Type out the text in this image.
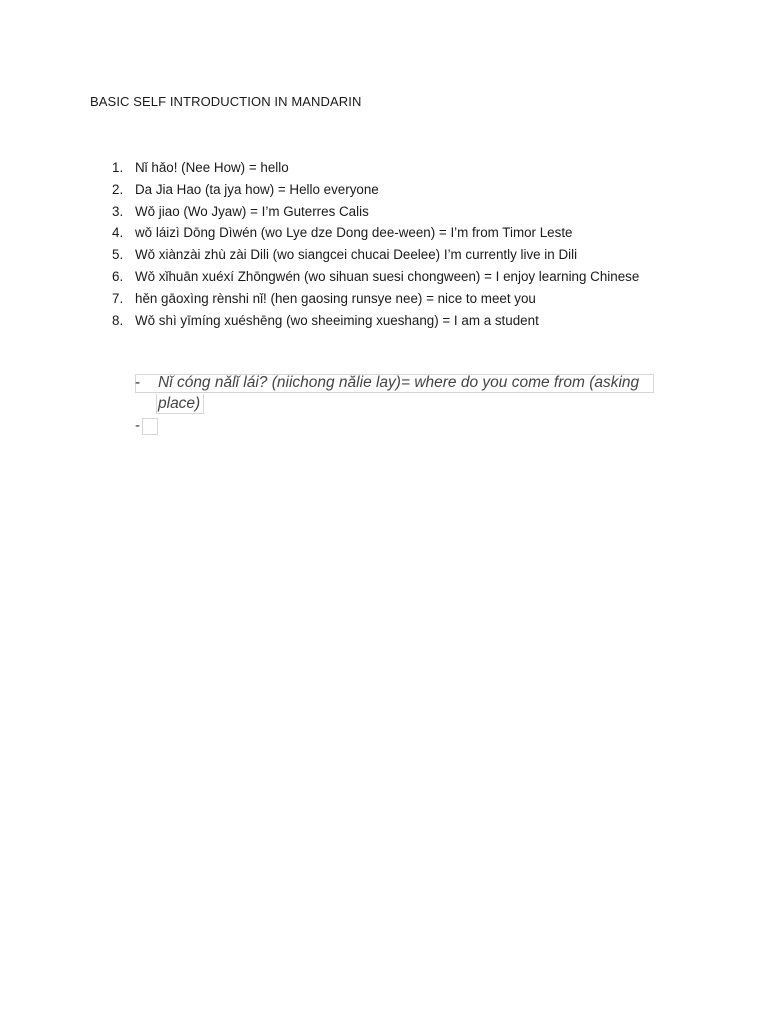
BASIC SELF INTRODUCTION IN MANDARIN
1. Nǐ hǎo! (Nee How) = hello
2. Da Jia Hao (ta jya how) = Hello everyone
3. Wǒ jiao (Wo Jyaw) = I’m Guterres Calis
4. wǒ láizì Dōng Dìwén (wo Lye dze Dong dee-ween) = I’m from Timor Leste
5. Wǒ xiànzài zhù zài Dili (wo siangcei chucai Deelee) I’m currently live in Dili
6. Wǒ xǐhuān xuéxí Zhōngwén (wo sihuan suesi chongween) = I enjoy learning Chinese
7. hěn gāoxìng rènshi nǐ! (hen gaosing runsye nee) = nice to meet you
8. Wǒ shì yīmíng xuéshēng (wo sheeiming xueshang) = I am a student
- Nǐ cóng nǎlǐ lái? (niichong nălie lay)= where do you come from (asking place)
-
